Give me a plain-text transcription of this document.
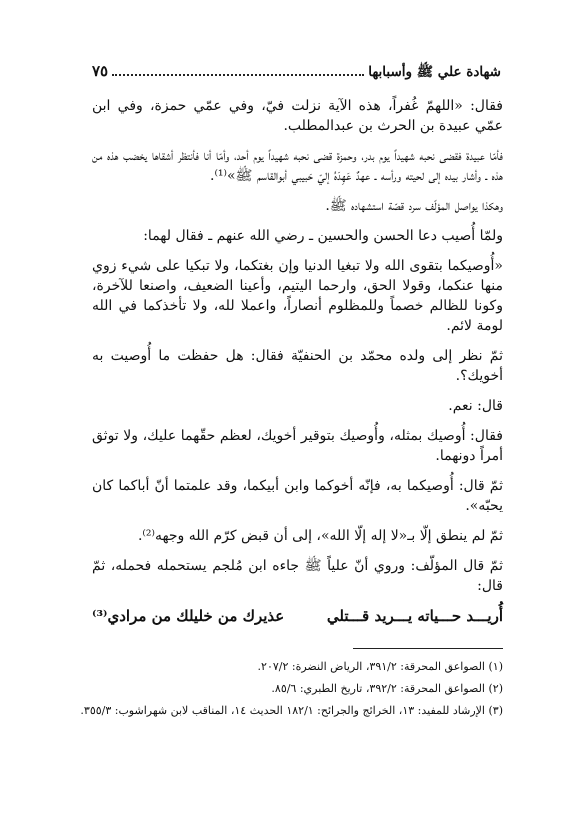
شهادة علي ﷺ وأسبابها
٧٥

فقال: «اللهمّ غُفراً، هذه الآية نزلت فيّ، وفي عمّي حمزة، وفي ابن عمّي عبيدة بن الحرث بن عبدالمطلب.

فأمّا عبيدة فقضى نحبه شهيداً يوم بدر، وحمزة قضى نحبه شهيداً يوم أحد، وأمّا أنا فأنتظر أشقاها يخضب هذه من هذه ـ وأشار بيده إلى لحيته ورأسه ـ عهدٌ عَهِدَهُ إليّ حَبيبي أبوالقاسم ﷺ»⁽¹⁾.

وهكذا يواصل المؤلّف سرد قصّة استشهاده ﷺ.

ولمّا أُصيب دعا الحسن والحسين ـ رضي الله عنهم ـ فقال لهما:

«أُوصيكما بتقوى الله ولا تبغيا الدنيا وإن بغتكما، ولا تبكيا على شيء زوي منها عنكما، وقولا الحق، وارحما اليتيم، وأعينا الضعيف، واصنعا للآخرة، وكونا للظالم خصماً وللمظلوم أنصاراً، واعملا لله، ولا تأخذكما في الله لومة لائم.

ثمّ نظر إلى ولده محمّد بن الحنفيّة فقال: هل حفظت ما أُوصيت به أخويك؟.

قال: نعم.

فقال: أُوصيك بمثله، وأُوصيك بتوقير أخويك، لعظم حقّهما عليك، ولا توثق أمراً دونهما.

ثمّ قال: أُوصيكما به، فإنّه أخوكما وابن أبيكما، وقد علمتما أنّ أباكما كان يحبّه».

ثمّ لم ينطق إلّا بـ«لا إله إلّا الله»، إلى أن قبض كرّم الله وجهه⁽²⁾.

ثمّ قال المؤلّف: وروي أنّ علياً ﷺ جاءه ابن مُلجم يستحمله فحمله، ثمّ قال:

أُريـــد حـــياته يـــريد قـــتلي
عذيرك من خليلك من مرادي⁽³⁾
(١) الصواعق المحرقة: ٣٩١/٢، الرياض النضرة: ٢٠٧/٢.
(٢) الصواعق المحرقة: ٣٩٢/٢، تاريخ الطبري: ٨٥/٦.
(٣) الإرشاد للمفيد: ١٣، الخرائج والجرائح: ١٨٢/١ الحديث ١٤، المناقب لابن شهراشوب: ٣٥٥/٣.
